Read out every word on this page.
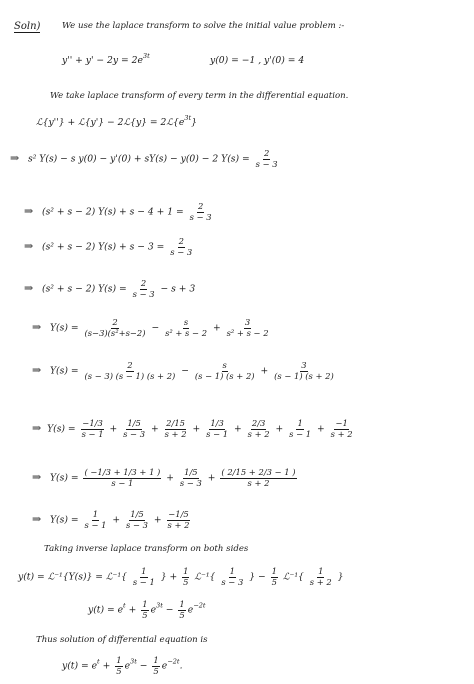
Soln)	We use the laplace transform to solve the initial value problem :-
$y'' + y' - 2y = 2e^{3t}$	y(0) = −1 , y'(0) = 4
We take laplace transform of every term in the differential equation.
ℒ{y''} + ℒ{y'} − 2ℒ{y} = $2ℒ\{e^{3t}\}$
⇒ s² Y(s) − s y(0) − y'(0) + sY(s) − y(0) − 2 $Y(s) = \frac{2}{s - 3}$
⇒ (s² + s − 2) $Y(s) + s - 4 + 1 = \frac{2}{s - 3}$
⇒ (s² + s − 2) $Y(s) + s - 3 = \frac{2}{s - 3}$
⇒ (s² + s − 2) $Y(s) = \frac{2}{s - 3} - s + 3$
⇒ $Y(s) = \frac{2}{\text{(s−3)(s²+s−2)}} - \frac{s}{\text{s² + s − 2}} + \frac{3}{\text{s² + s − 2}}$
⇒ $Y(s) = \frac{2}{(s - 3) (s - 1) (s + 2)} - \frac{s}{(s - 1) (s + 2)} + \frac{3}{(s - 1) (s + 2)}$
⇒ $Y(s) = \frac{-1/3}{s - 1} + \frac{1/5}{s - 3} + \frac{2/15}{s + 2} + \frac{1/3}{s - 1} + \frac{2/3}{s + 2} + \frac{1}{s - 1} + \frac{-1}{s + 2}$
⇒ $Y(s) = \frac{( -1/3 + 1/3 + 1 )}{s - 1} + \frac{1/5}{s - 3} + \frac{( 2/15 + 2/3 - 1 )}{s + 2}$
⇒ $Y(s) = \frac{1}{s - 1} + \frac{1/5}{s - 3} + \frac{-1/5}{s + 2}$
Taking inverse laplace transform on both sides
y(t) = ℒ⁻¹{Y(s)} = ℒ⁻¹{ $\frac{1}{s - 1}$ } + $\frac{1}{5}$ ℒ⁻¹{ $\frac{1}{s - 3}$ } − $\frac{1}{5}$ ℒ⁻¹{ $\frac{1}{s + 2}$ }
$y(t) = e^t + \frac{1}{5} e^{3t} - \frac{1}{5} e^{-2t}$
Thus solution of differential equation is
$y(t) = e^t + \frac{1}{5} e^{3t} - \frac{1}{5} e^{-2t}$.
